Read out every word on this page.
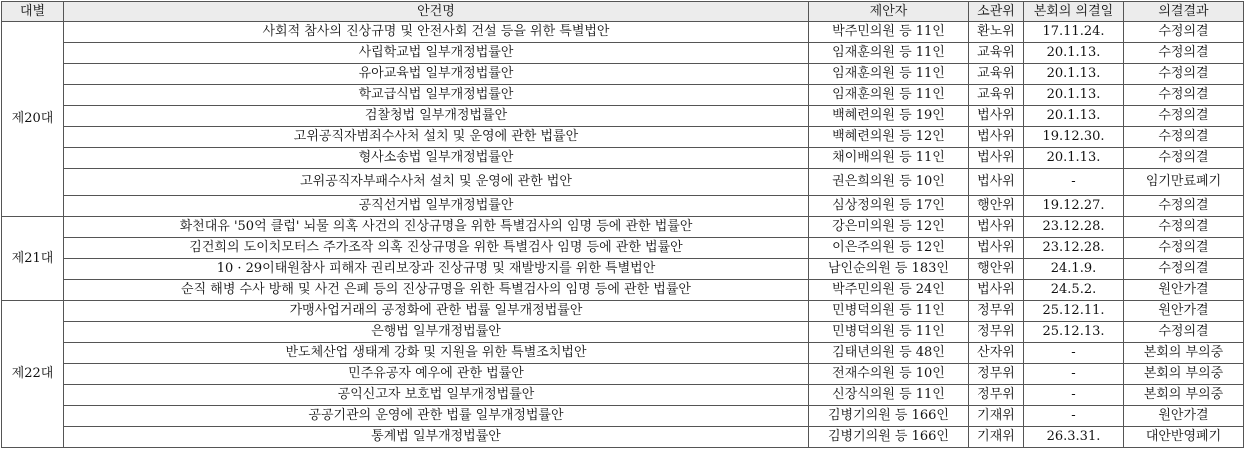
대별	안건명	제안자	소관위	본회의 의결일	의결결과
제20대	사회적 참사의 진상규명 및 안전사회 건설 등을 위한 특별법안	박주민의원 등 11인	환노위	17.11.24.	수정의결
	사립학교법 일부개정법률안	임재훈의원 등 11인	교육위	20.1.13.	수정의결
	유아교육법 일부개정법률안	임재훈의원 등 11인	교육위	20.1.13.	수정의결
	학교급식법 일부개정법률안	임재훈의원 등 11인	교육위	20.1.13.	수정의결
	검찰청법 일부개정법률안	백혜련의원 등 19인	법사위	20.1.13.	수정의결
	고위공직자범죄수사처 설치 및 운영에 관한 법률안	백혜련의원 등 12인	법사위	19.12.30.	수정의결
	형사소송법 일부개정법률안	채이배의원 등 11인	법사위	20.1.13.	수정의결
	고위공직자부패수사처 설치 및 운영에 관한 법안	권은희의원 등 10인	법사위	-	임기만료폐기
	공직선거법 일부개정법률안	심상정의원 등 17인	행안위	19.12.27.	수정의결
제21대	화천대유 '50억 클럽' 뇌물 의혹 사건의 진상규명을 위한 특별검사의 임명 등에 관한 법률안	강은미의원 등 12인	법사위	23.12.28.	수정의결
	김건희의 도이치모터스 주가조작 의혹 진상규명을 위한 특별검사 임명 등에 관한 법률안	이은주의원 등 12인	법사위	23.12.28.	수정의결
	10 · 29이태원참사 피해자 권리보장과 진상규명 및 재발방지를 위한 특별법안	남인순의원 등 183인	행안위	24.1.9.	수정의결
	순직 해병 수사 방해 및 사건 은폐 등의 진상규명을 위한 특별검사의 임명 등에 관한 법률안	박주민의원 등 24인	법사위	24.5.2.	원안가결
제22대	가맹사업거래의 공정화에 관한 법률 일부개정법률안	민병덕의원 등 11인	정무위	25.12.11.	원안가결
	은행법 일부개정법률안	민병덕의원 등 11인	정무위	25.12.13.	수정의결
	반도체산업 생태계 강화 및 지원을 위한 특별조치법안	김태년의원 등 48인	산자위	-	본회의 부의중
	민주유공자 예우에 관한 법률안	전재수의원 등 10인	정무위	-	본회의 부의중
	공익신고자 보호법 일부개정법률안	신장식의원 등 11인	정무위	-	본회의 부의중
	공공기관의 운영에 관한 법률 일부개정법률안	김병기의원 등 166인	기재위	-	원안가결
	통계법 일부개정법률안	김병기의원 등 166인	기재위	26.3.31.	대안반영폐기
